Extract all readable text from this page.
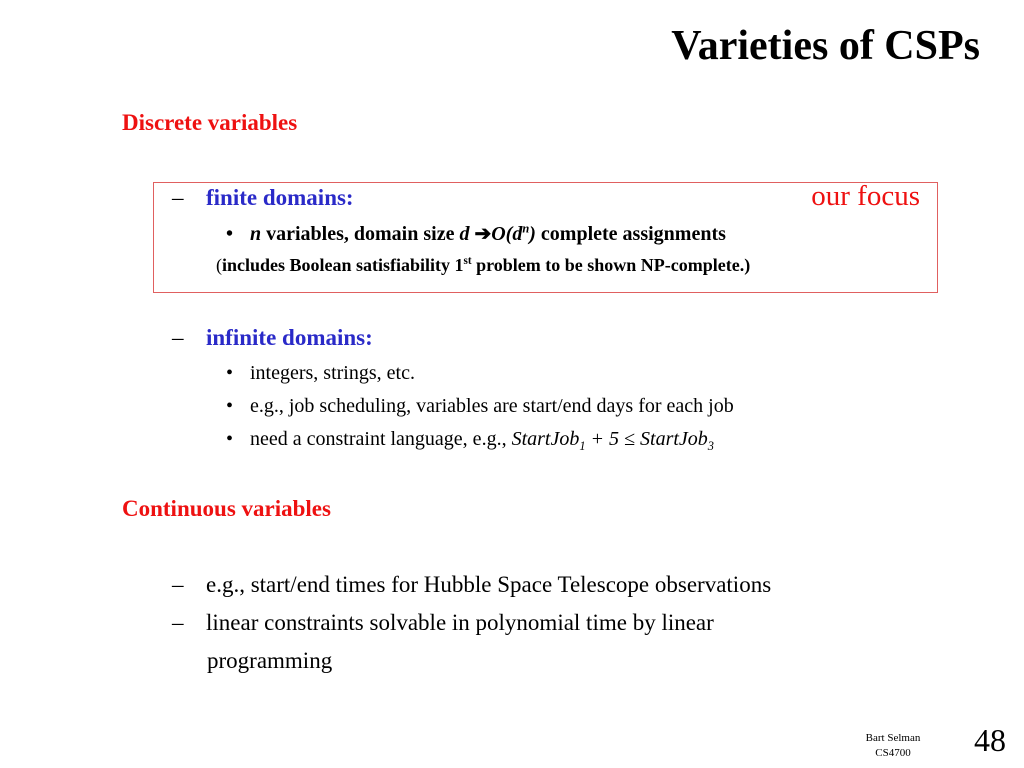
Varieties of CSPs
Discrete variables
our focus
– finite domains:
• n variables, domain size d $➔O(d^n)$ complete assignments
(includes Boolean satisfiability 1st problem to be shown NP-complete.)
– infinite domains:
• integers, strings, etc.
• e.g., job scheduling, variables are start/end days for each job
• need a constraint language, e.g., StartJob$_1$ + 5 ≤ StartJob$_3$
Continuous variables
– e.g., start/end times for Hubble Space Telescope observations
– linear constraints solvable in polynomial time by linear
programming
Bart Selman
CS4700	48
